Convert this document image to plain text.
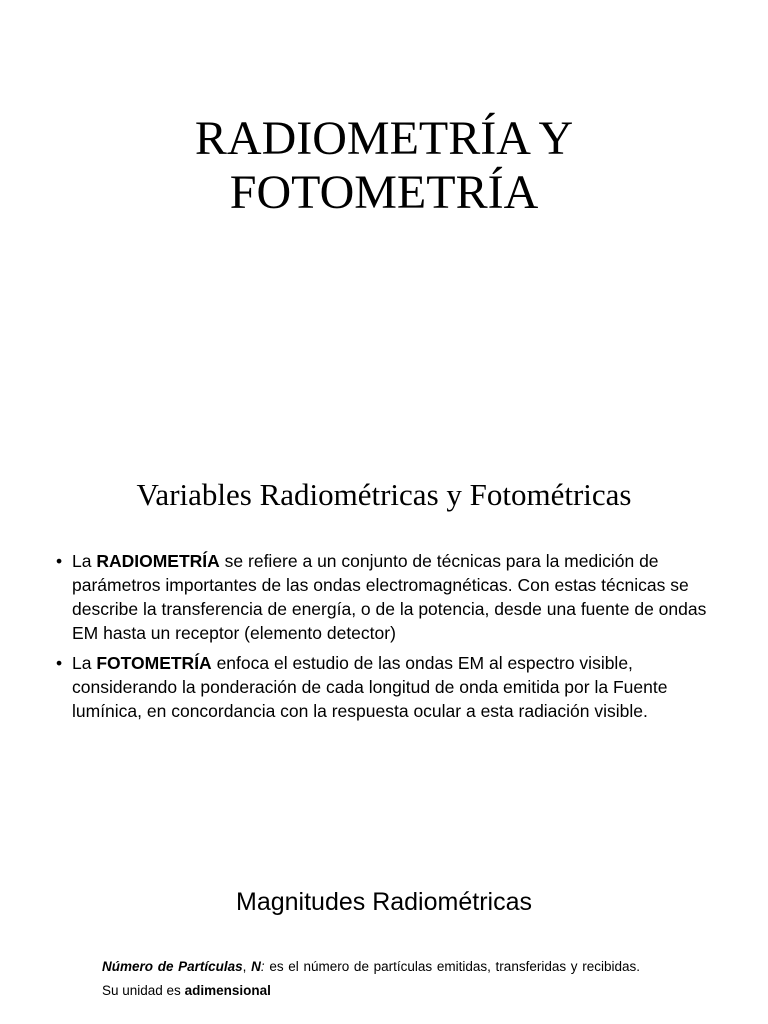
RADIOMETRÍA Y
FOTOMETRÍA
Variables Radiométricas y Fotométricas
• La RADIOMETRÍA se refiere a un conjunto de técnicas para la medición de parámetros importantes de las ondas electromagnéticas. Con estas técnicas se describe la transferencia de energía, o de la potencia, desde una fuente de ondas EM hasta un receptor (elemento detector)
• La FOTOMETRÍA enfoca el estudio de las ondas EM al espectro visible, considerando la ponderación de cada longitud de onda emitida por la Fuente lumínica, en concordancia con la respuesta ocular a esta radiación visible.
Magnitudes Radiométricas

Número de Partículas, N: es el número de partículas emitidas, transferidas y recibidas. Su unidad es adimensional
